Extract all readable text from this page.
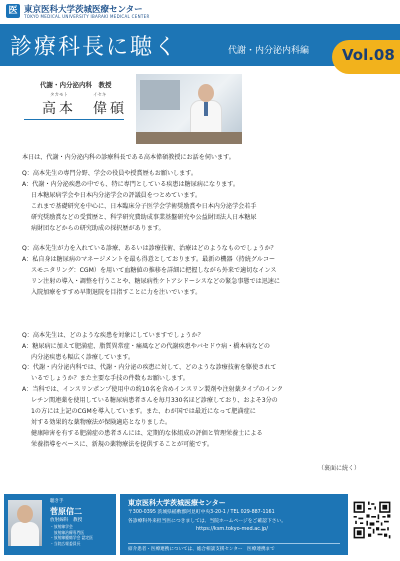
医 東京医科大学茨城医療センター
TOKYO MEDICAL UNIVERSITY IBARAKI MEDICAL CENTER
診療科長に聴く	代謝・内分泌内科編 Vol.08
代謝・内分泌内科　教授
タカモト	イセキ
高本　偉碩
本日は、代謝・内分泌内科の診療科長である高本偉碩教授にお話を伺います。
Q：高本先生の専門分野、学会の役員や授賞歴もお願いします。
A：代謝・内分泌疾患の中でも、特に専門としている疾患は糖尿病になります。
日本糖尿病学会や日本内分泌学会の評議員をつとめています。
これまで基礎研究を中心に、日本臨床分子医学会学術奨励賞や日本内分泌学会若手
研究奨励賞などの受賞歴と、科学研究費助成事業基盤研究や公益財団法人日本糖尿
病財団などからの研究助成の採択歴があります。
Q：高本先生が力を入れている診療、あるいは診療技術、治療はどのようなものでしょうか？
A：私自身は糖尿病のマネージメントを最も得意としております。最新の機器（持続グルコー
スモニタリング：CGM）を用いて血糖値の推移を詳細に把握しながら外来で適切なインス
リン注射の導入・調整を行うことや、糖尿病性ケトアシドーシスなどの緊急事態では迅速に
入院加療をすすめ早期退院を目指すことに力を注いでいます。
Q：高本先生は、どのような疾患を対象にしていますでしょうか？
A：糖尿病に加えて肥満症、脂質異常症・痛風などの代謝疾患やバセドウ病・橋本病などの
内分泌疾患も幅広く診療しています。
Q：代謝・内分泌内科では、代謝・内分泌の疾患に対して、どのような診療技術を駆使されて
いるでしょうか？また主要な手技の件数もお願いします。
A：当科では、インスリンポンプ使用中の約10名を含めインスリン製剤や注射薬タイプのインク
レチン関連薬を使用している糖尿病患者さんを毎月330名ほど診療しており、およそ3分の
1の方には上記のCGMを導入しています。また、わが国では最近になって肥満症に
対する効果的な薬物療法が保険適応となりました。
健康障害を有する肥満症の患者さんには、定期的な体組成の評価と管理栄養士による
栄養指導をベースに、新規の薬物療法を提供することが可能です。
（裏面に続く）
聴き手
菅原信二
放射線科　教授
・放射線学会
　放射線治療専門医
・放射線腫瘍学会 認定医
・当院広報委員長
東京医科大学茨城医療センター
〒300-0395 茨城県稲敷郡阿見町中央3-20-1 / TEL 029-887-1161
各診療科外来担当医につきましては、当院ホームページをご確認下さい。
https://ksm.tokyo-med.ac.jp/
紹介患者・医療連携については、総合相談支援センター　医療連携まで
